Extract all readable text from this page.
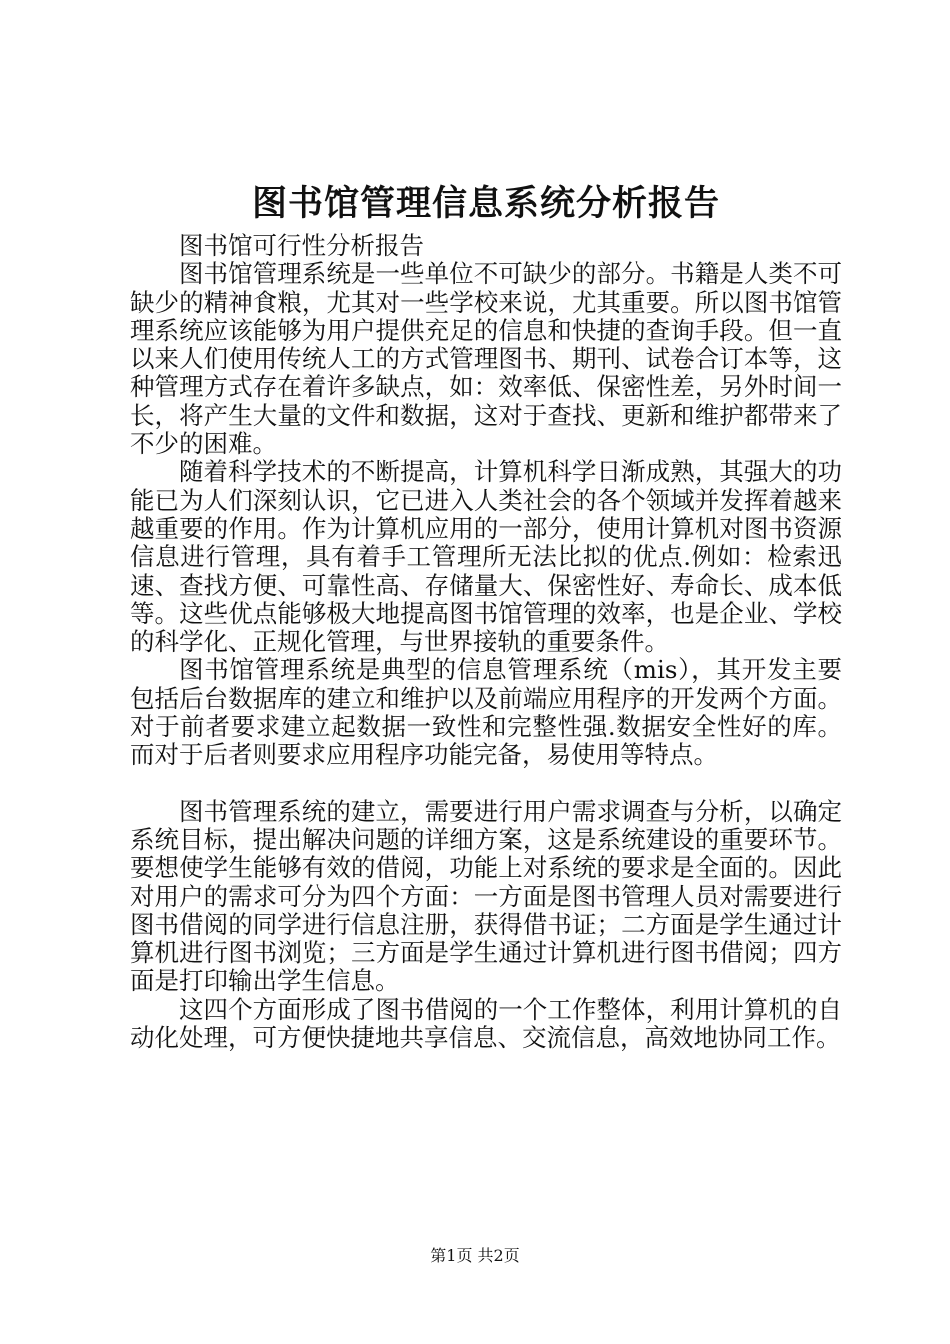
图书馆管理信息系统分析报告

图书馆可行性分析报告

图书馆管理系统是一些单位不可缺少的部分。书籍是人类不可缺少的精神食粮，尤其对一些学校来说，尤其重要。所以图书馆管理系统应该能够为用户提供充足的信息和快捷的查询手段。但一直以来人们使用传统人工的方式管理图书、期刊、试卷合订本等，这种管理方式存在着许多缺点，如：效率低、保密性差，另外时间一长，将产生大量的文件和数据，这对于查找、更新和维护都带来了不少的困难。

随着科学技术的不断提高，计算机科学日渐成熟，其强大的功能已为人们深刻认识，它已进入人类社会的各个领域并发挥着越来越重要的作用。作为计算机应用的一部分，使用计算机对图书资源信息进行管理，具有着手工管理所无法比拟的优点.例如：检索迅速、查找方便、可靠性高、存储量大、保密性好、寿命长、成本低等。这些优点能够极大地提高图书馆管理的效率，也是企业、学校的科学化、正规化管理，与世界接轨的重要条件。

图书馆管理系统是典型的信息管理系统（mis），其开发主要包括后台数据库的建立和维护以及前端应用程序的开发两个方面。对于前者要求建立起数据一致性和完整性强.数据安全性好的库。而对于后者则要求应用程序功能完备，易使用等特点。

图书管理系统的建立，需要进行用户需求调查与分析，以确定系统目标，提出解决问题的详细方案，这是系统建设的重要环节。要想使学生能够有效的借阅，功能上对系统的要求是全面的。因此对用户的需求可分为四个方面：一方面是图书管理人员对需要进行图书借阅的同学进行信息注册，获得借书证；二方面是学生通过计算机进行图书浏览；三方面是学生通过计算机进行图书借阅；四方面是打印输出学生信息。

这四个方面形成了图书借阅的一个工作整体，利用计算机的自动化处理，可方便快捷地共享信息、交流信息，高效地协同工作。

第1页 共2页
